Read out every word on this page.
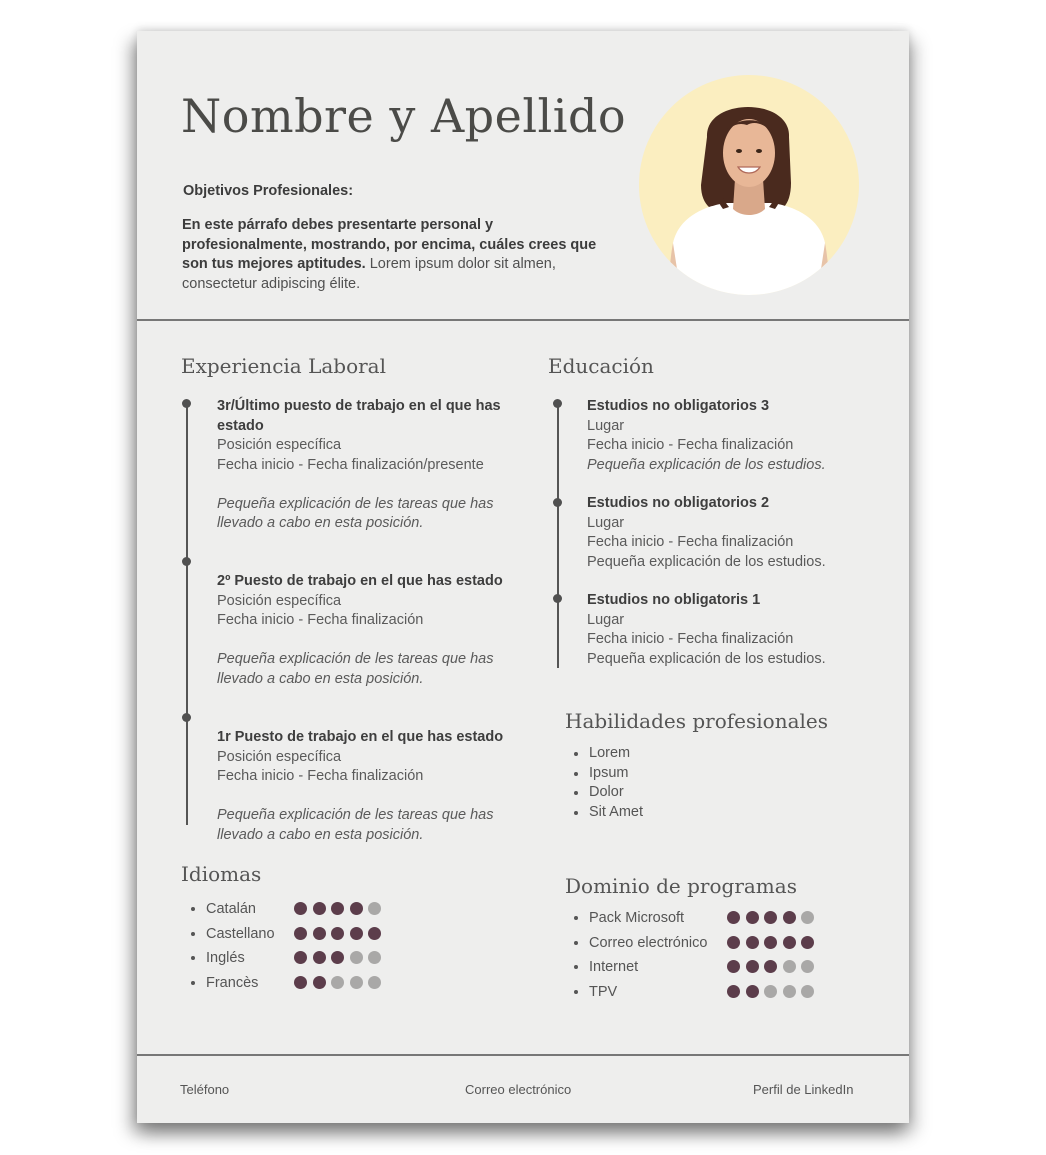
Nombre y Apellido
Objetivos Profesionales:
En este párrafo debes presentarte personal y profesionalmente, mostrando, por encima, cuáles crees que son tus mejores aptitudes. Lorem ipsum dolor sit almen, consectetur adipiscing élite.
Experiencia Laboral
3r/Último puesto de trabajo en el que has estado
Posición específica
Fecha inicio - Fecha finalización/presente
Pequeña explicación de les tareas que has llevado a cabo en esta posición.
2º Puesto de trabajo en el que has estado
Posición específica
Fecha inicio - Fecha finalización
Pequeña explicación de les tareas que has llevado a cabo en esta posición.
1r Puesto de trabajo en el que has estado
Posición específica
Fecha inicio - Fecha finalización
Pequeña explicación de les tareas que has llevado a cabo en esta posición.
Educación
Estudios no obligatorios 3
Lugar
Fecha inicio - Fecha finalización
Pequeña explicación de los estudios.
Estudios no obligatorios 2
Lugar
Fecha inicio - Fecha finalización
Pequeña explicación de los estudios.
Estudios no obligatoris 1
Lugar
Fecha inicio - Fecha finalización
Pequeña explicación de los estudios.
Habilidades profesionales
Lorem
Ipsum
Dolor
Sit Amet
Idiomas
Catalán
Castellano
Inglés
Francès
Dominio de programas
Pack Microsoft
Correo electrónico
Internet
TPV
Teléfono	Correo electrónico	Perfil de LinkedIn
